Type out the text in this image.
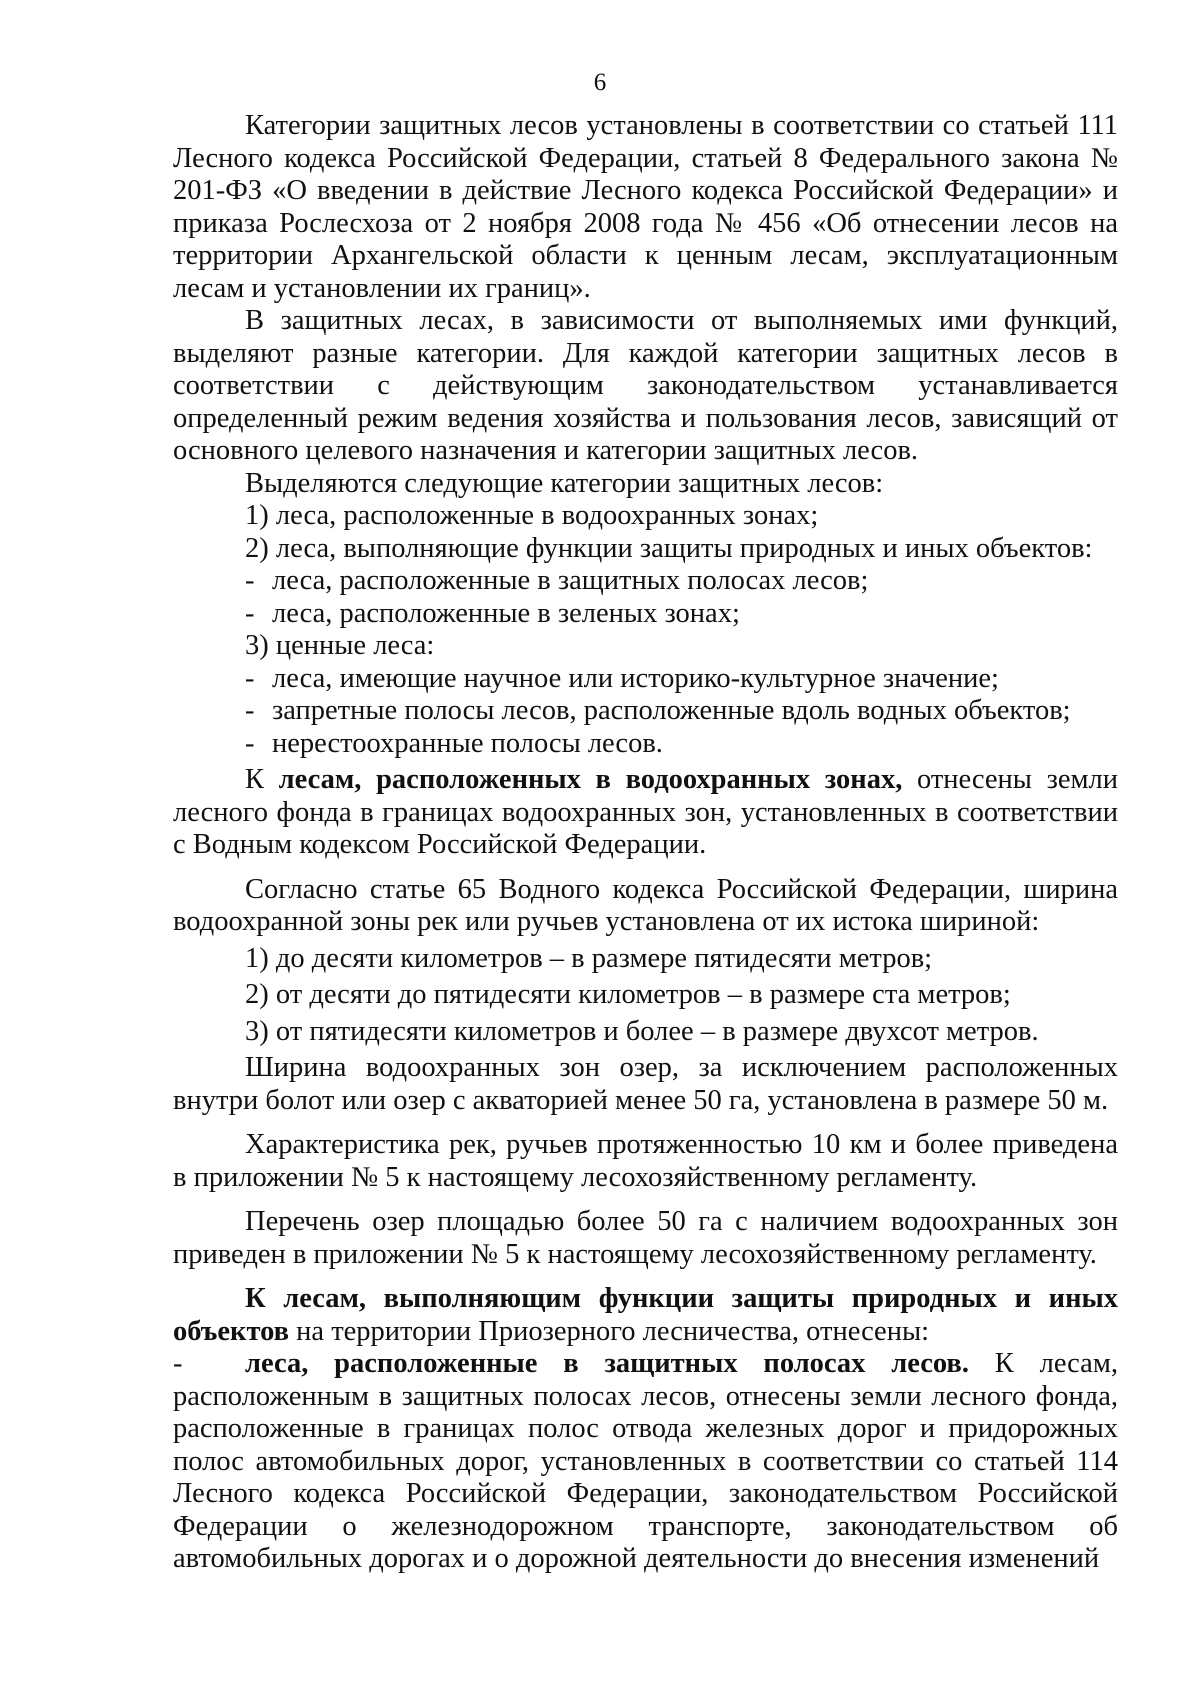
6

Категории защитных лесов установлены в соответствии со статьей 111 Лесного кодекса Российской Федерации, статьей 8 Федерального закона № 201-ФЗ «О введении в действие Лесного кодекса Российской Федерации» и приказа Рослесхоза от 2 ноября 2008 года № 456 «Об отнесении лесов на территории Архангельской области к ценным лесам, эксплуатационным лесам и установлении их границ».

В защитных лесах, в зависимости от выполняемых ими функций, выделяют разные категории. Для каждой категории защитных лесов в соответствии с действующим законодательством устанавливается определенный режим ведения хозяйства и пользования лесов, зависящий от основного целевого назначения и категории защитных лесов.

Выделяются следующие категории защитных лесов:

1) леса, расположенные в водоохранных зонах;

2) леса, выполняющие функции защиты природных и иных объектов:

- леса, расположенные в защитных полосах лесов;

- леса, расположенные в зеленых зонах;

3) ценные леса:

- леса, имеющие научное или историко-культурное значение;

- запретные полосы лесов, расположенные вдоль водных объектов;

- нерестоохранные полосы лесов.

К лесам, расположенных в водоохранных зонах, отнесены земли лесного фонда в границах водоохранных зон, установленных в соответствии с Водным кодексом Российской Федерации.

Согласно статье 65 Водного кодекса Российской Федерации, ширина водоохранной зоны рек или ручьев установлена от их истока шириной:

1) до десяти километров – в размере пятидесяти метров;

2) от десяти до пятидесяти километров – в размере ста метров;

3) от пятидесяти километров и более – в размере двухсот метров.

Ширина водоохранных зон озер, за исключением расположенных внутри болот или озер с акваторией менее 50 га, установлена в размере 50 м.

Характеристика рек, ручьев протяженностью 10 км и более приведена в приложении № 5 к настоящему лесохозяйственному регламенту.

Перечень озер площадью более 50 га с наличием водоохранных зон приведен в приложении № 5 к настоящему лесохозяйственному регламенту.

К лесам, выполняющим функции защиты природных и иных объектов на территории Приозерного лесничества, отнесены:

- леса, расположенные в защитных полосах лесов. К лесам, расположенным в защитных полосах лесов, отнесены земли лесного фонда, расположенные в границах полос отвода железных дорог и придорожных полос автомобильных дорог, установленных в соответствии со статьей 114 Лесного кодекса Российской Федерации, законодательством Российской Федерации о железнодорожном транспорте, законодательством об автомобильных дорогах и о дорожной деятельности до внесения изменений
